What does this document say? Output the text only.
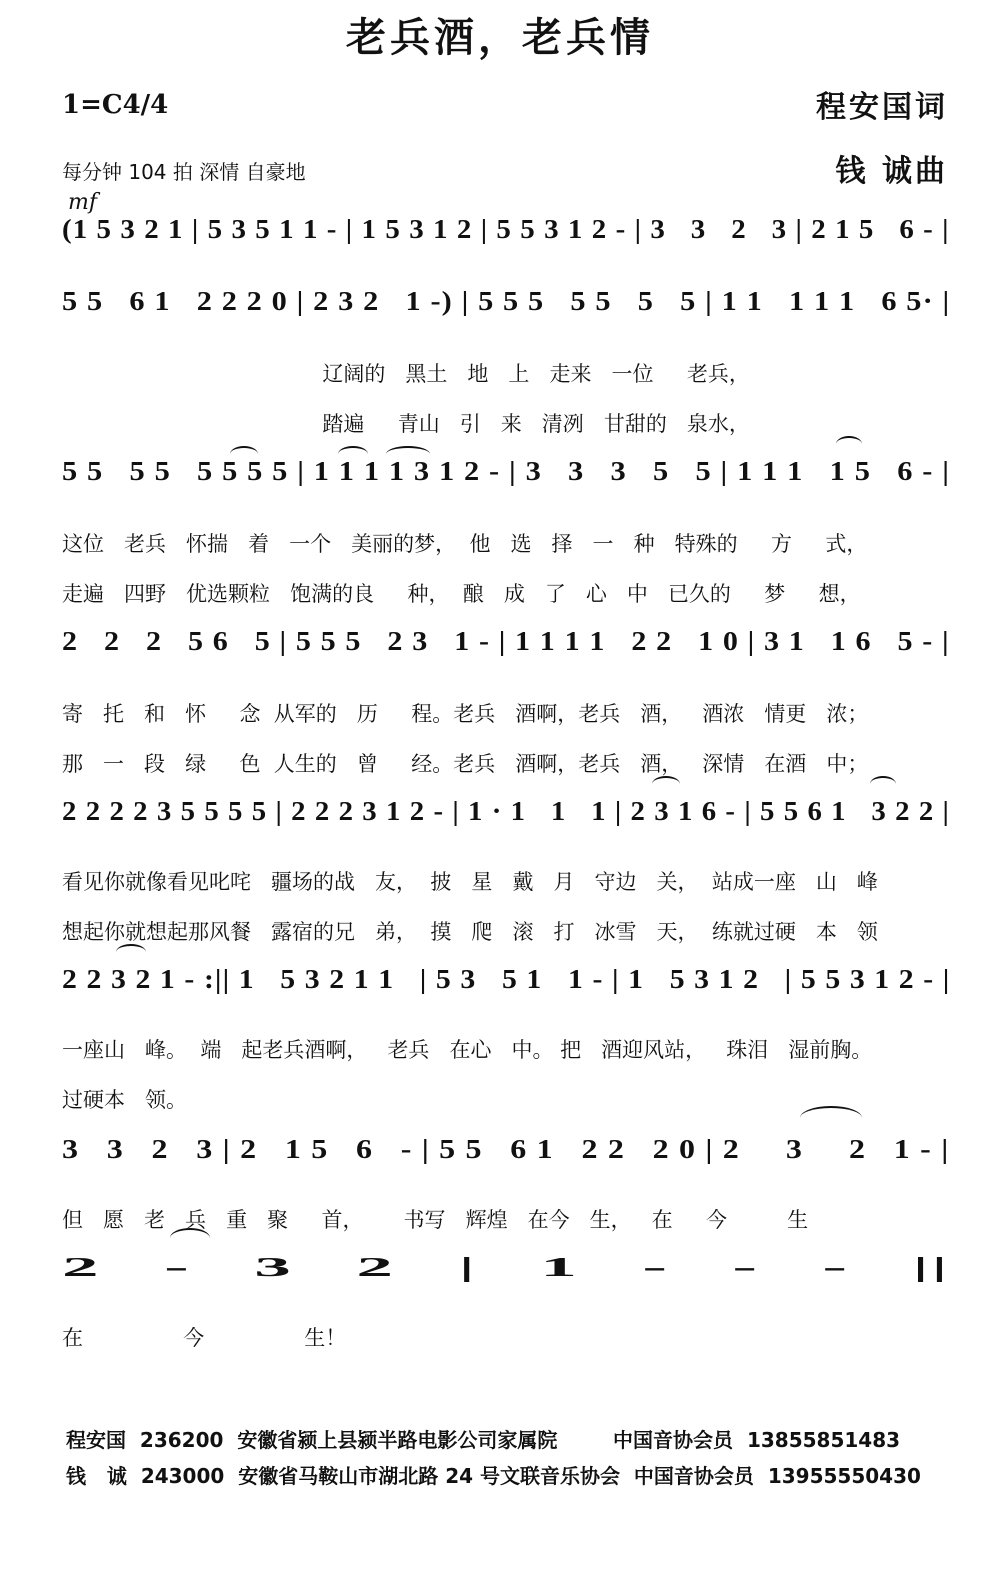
老兵酒，老兵情
1=C4/4	程安国词
钱 诚曲
每分钟 104 拍 深情 自豪地
mf
(1 5 3 2 1 | 5 3 5 1 1 - | 1 5 3 1 2 | 5 5 3 1 2 - | 3   3   2   3 | 2 1 5   6 - |
5 5   6 1   2 2 2 0 | 2 3 2   1 -) | 5 5 5   5 5   5   5 | 1 1   1 1 1   6 5· |
辽阔的   黑土   地   上   走来   一位     老兵，
踏遍     青山   引   来   清冽   甘甜的   泉水，
5 5   5 5   5 5 5 5 | 1 1 1 1 3 1 2 - | 3   3   3   5   5 | 1 1 1   1 5   6 - |
这位   老兵   怀揣   着   一个   美丽的梦，  他   选   择   一   种   特殊的     方     式，
走遍   四野   优选颗粒   饱满的良     种，  酿   成   了   心   中   已久的     梦     想，
2   2   2   5 6   5 | 5 5 5   2 3   1 - | 1 1 1 1   2 2   1 0 | 3 1   1 6   5 - |
寄   托   和   怀     念  从军的   历     程。老兵   酒啊，老兵   酒，   酒浓   情更   浓；
那   一   段   绿     色  人生的   曾     经。老兵   酒啊，老兵   酒，   深情   在酒   中；
2 2 2 2 3 5 5 5 5 | 2 2 2 3 1 2 - | 1 · 1   1   1 | 2 3 1 6 - | 5 5 6 1   3 2 2 |
看见你就像看见叱咤   疆场的战   友，  披   星   戴   月   守边   关，  站成一座   山   峰
想起你就想起那风餐   露宿的兄   弟，  摸   爬   滚   打   冰雪   天，  练就过硬   本   领
2 2 3 2 1 - :|| 1   5 3 2 1 1   | 5 3   5 1   1 - | 1   5 3 1 2   | 5 5 3 1 2 - |
一座山   峰。  端   起老兵酒啊，   老兵   在心   中。 把   酒迎风站，   珠泪   湿前胸。
过硬本   领。
3   3   2   3 | 2   1 5   6   - | 5 5   6 1   2 2   2 0 | 2     3     2   1 - |
但   愿   老   兵   重   聚     首，      书写   辉煌   在今   生，   在     今         生
2   -   3   2   |   1   -   -   -   ||
在               今               生！
程安国  236200  安徽省颍上县颍半路电影公司家属院        中国音协会员  13855851483
钱   诚  243000  安徽省马鞍山市湖北路 24 号文联音乐协会  中国音协会员  13955550430
